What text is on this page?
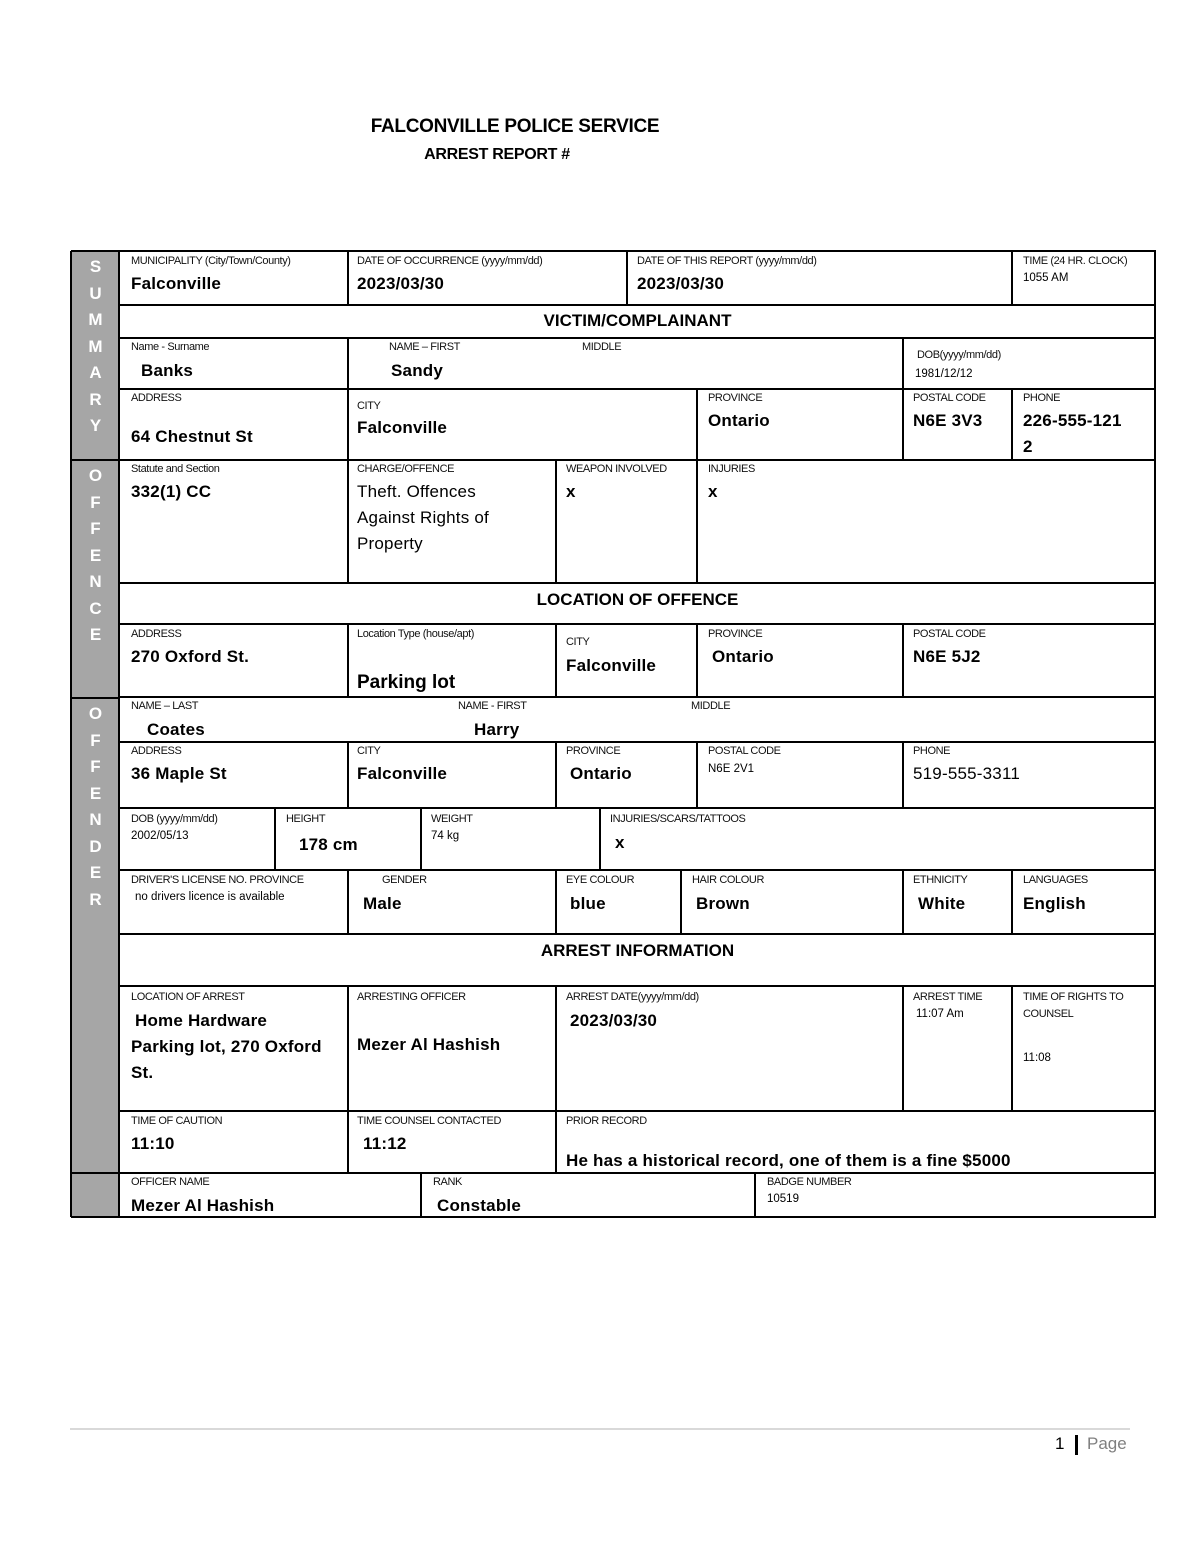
FALCONVILLE POLICE SERVICE
ARREST REPORT #
S
U
M
M
A
R
Y
O
F
F
E
N
C
E
O
F
F
E
N
D
E
R
MUNICIPALITY (City/Town/County)
Falconville
DATE OF OCCURRENCE (yyyy/mm/dd)
2023/03/30
DATE OF THIS REPORT (yyyy/mm/dd)
2023/03/30
TIME (24 HR. CLOCK)
1055 AM
VICTIM/COMPLAINANT
Name - Surname
Banks
NAME – FIRST
Sandy
MIDDLE
DOB(yyyy/mm/dd)
1981/12/12
ADDRESS
64 Chestnut St
CITY
Falconville
PROVINCE
Ontario
POSTAL CODE
N6E 3V3
PHONE
226-555-121
2
Statute and Section
332(1) CC
CHARGE/OFFENCE
Theft. Offences
Against Rights of
Property
WEAPON INVOLVED
x
INJURIES
x
LOCATION OF OFFENCE
ADDRESS
270 Oxford St.
Location Type (house/apt)
Parking lot
CITY
Falconville
PROVINCE
Ontario
POSTAL CODE
N6E 5J2
NAME – LAST
Coates
NAME - FIRST
Harry
MIDDLE
ADDRESS
36 Maple St
CITY
Falconville
PROVINCE
Ontario
POSTAL CODE
N6E 2V1
PHONE
519-555-3311
DOB (yyyy/mm/dd)
2002/05/13
HEIGHT
178 cm
WEIGHT
74 kg
INJURIES/SCARS/TATTOOS
x
DRIVER'S LICENSE NO. PROVINCE
no drivers licence is available
GENDER
Male
EYE COLOUR
blue
HAIR COLOUR
Brown
ETHNICITY
White
LANGUAGES
English
ARREST INFORMATION
LOCATION OF ARREST
Home Hardware
Parking lot, 270 Oxford
St.
ARRESTING OFFICER
Mezer Al Hashish
ARREST DATE(yyyy/mm/dd)
2023/03/30
ARREST TIME
11:07 Am
TIME OF RIGHTS TO
COUNSEL
11:08
TIME OF CAUTION
11:10
TIME COUNSEL CONTACTED
11:12
PRIOR RECORD
He has a historical record, one of them is a fine $5000
OFFICER NAME
Mezer Al Hashish
RANK
Constable
BADGE NUMBER
10519
1 Page
